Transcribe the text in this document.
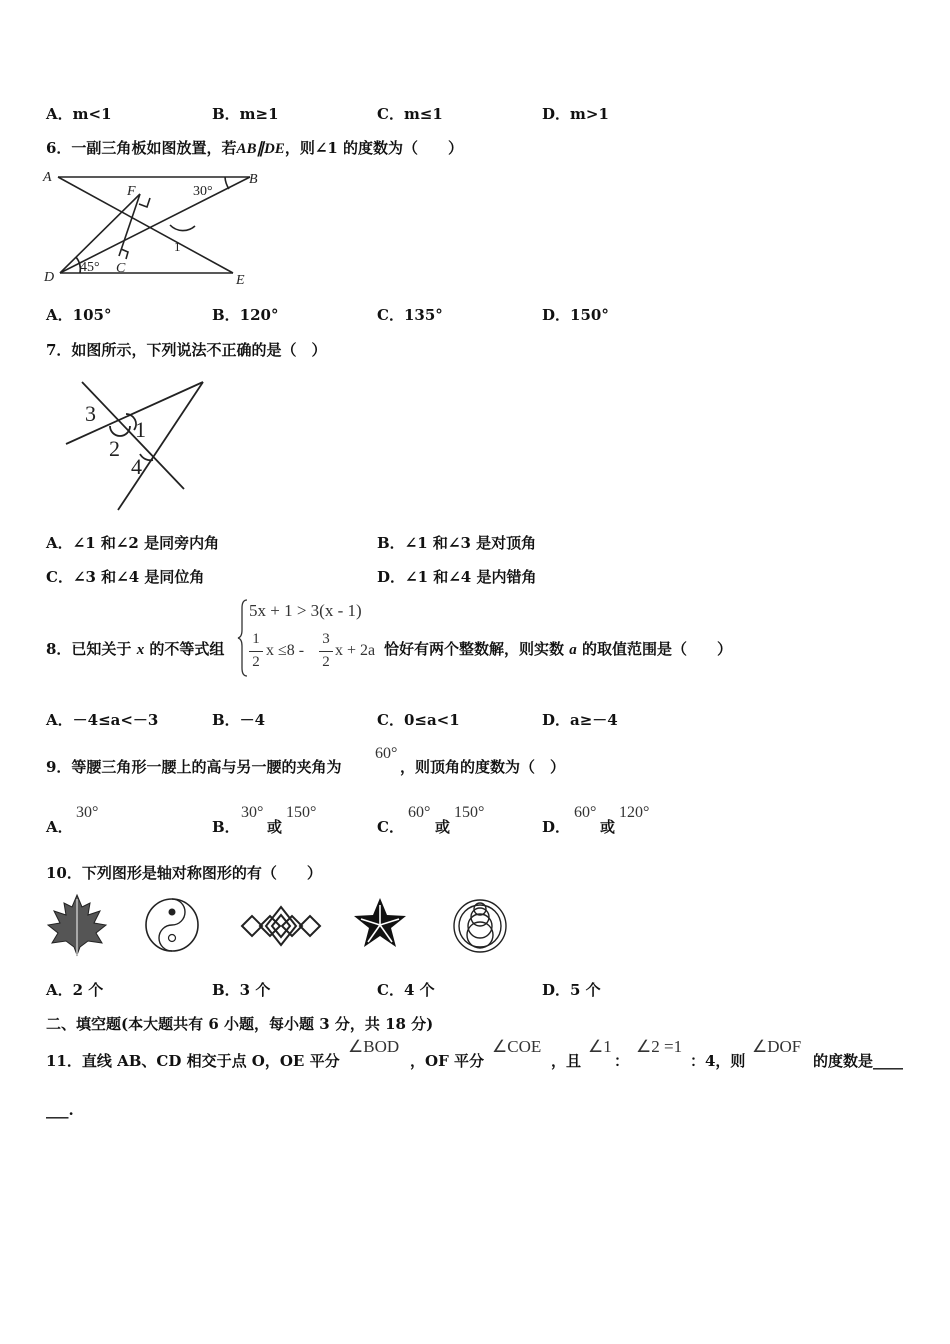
A．m<1	B．m≥1	C．m≤1	D．m>1
6．一副三角板如图放置，若AB∥DE，则∠1 的度数为（　　）
A	B
F
C
D	E
30°
45°
1
A．105°	B．120°	C．135°	D．150°
7．如图所示，下列说法不正确的是（　）
3
1
2
4
A．∠1 和∠2 是同旁内角	B．∠1 和∠3 是对顶角
C．∠3 和∠4 是同位角	D．∠1 和∠4 是内错角
8．已知关于 x 的不等式组
5x + 1 > 3(x - 1)
1
2
x ≤8 -
3
2
x + 2a 恰好有两个整数解，则实数 a 的取值范围是（　　）
A．－4≤a<－3	B．－4	C．0≤a<1	D．a≥－4
9．等腰三角形一腰上的高与另一腰的夹角为
60°
，则顶角的度数为（　）
A．
30°
B．
30°
或
150°
C．
60°
或
150°
D．
60°
或
120°
10．下列图形是轴对称图形的有（　　）
A．2 个	B．3 个	C．4 个	D．5 个
二、填空题(本大题共有 6 小题，每小题 3 分，共 18 分)
11．直线 AB、CD 相交于点 O，OE 平分
∠BOD
，OF 平分
∠COE
，且
∠1
：
∠2 =1
：4，则
∠DOF
的度数是____
___.
